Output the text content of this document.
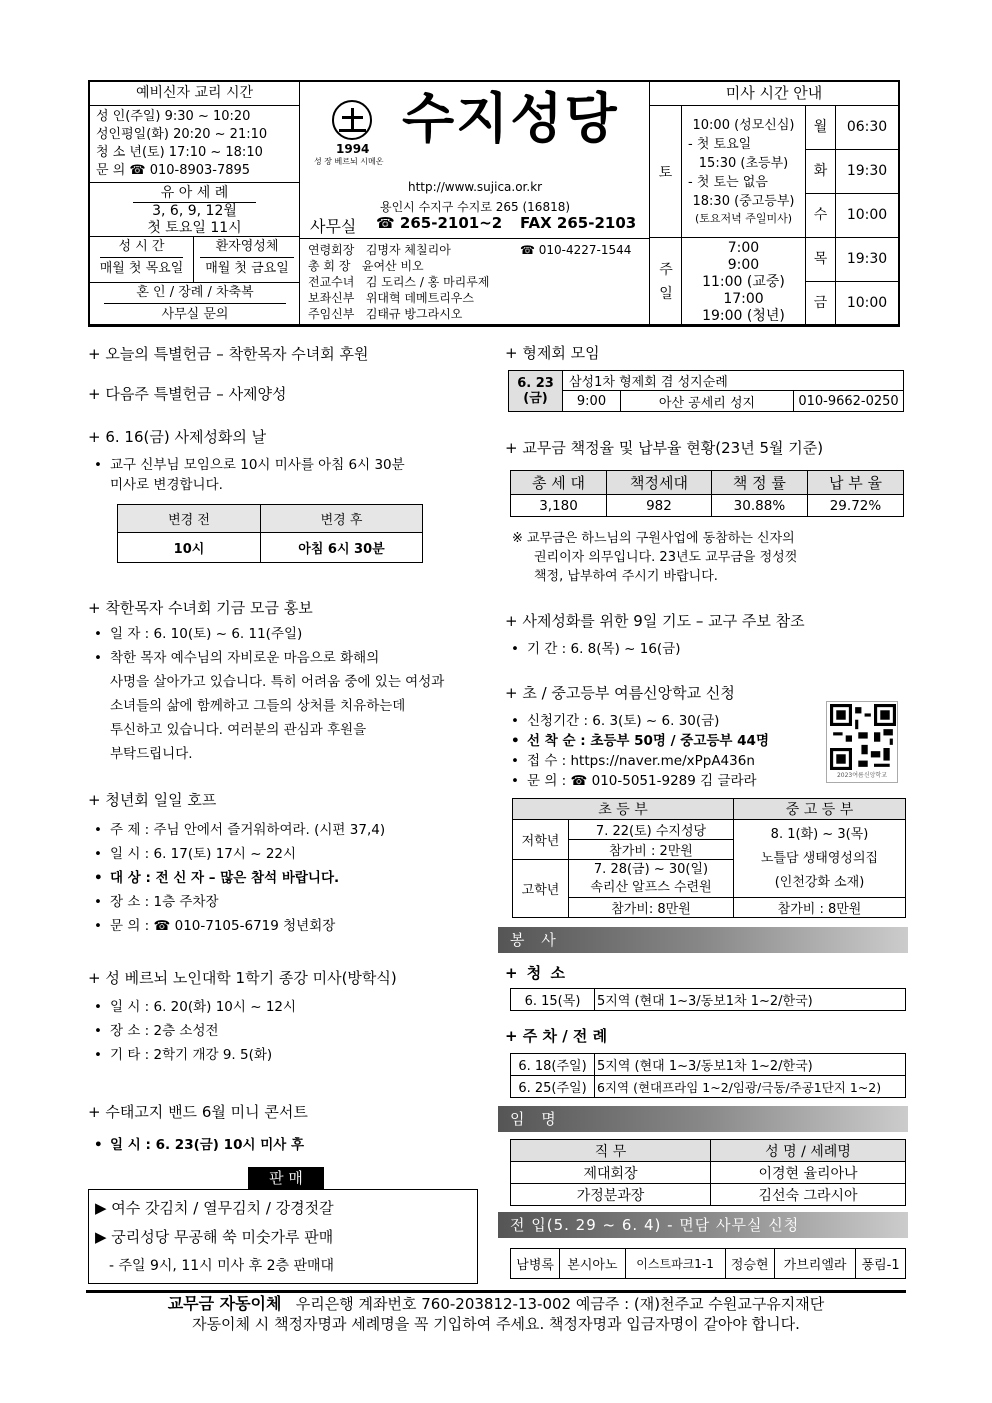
예비신자 교리 시간
성 인(주일) 9:30 ~ 10:20
성인평일(화) 20:20 ~ 21:10
청 소 년(토) 17:10 ~ 18:10
문 의 ☎ 010-8903-7895
유 아 세 례
3, 6, 9, 12월
첫 토요일 11시
성 시 간
매월 첫 목요일
환자영성체
매월 첫 금요일
혼 인 / 장례 / 차축복
사무실 문의
1994
성 장 베르뇌 시메온
수지성당
http://www.sujica.or.kr
용인시 수지구 수지로 265 (16818)
사무실 ☎ 265-2101~2 FAX 265-2103
연령회장 김명자 체칠리아	☎ 010-4227-1544
총 회 장 윤여산 비오
전교수녀 김 도리스 / 홍 마리루제
보좌신부 위대혁 데메트리우스
주임신부 김태규 방그라시오
미사 시간 안내
토
10:00 (성모신심)
- 첫 토요일
15:30 (초등부)
- 첫 토는 없음
18:30 (중고등부)
(토요저녁 주일미사)
주일
7:00
9:00
11:00 (교중)
17:00
19:00 (청년)
월	06:30
화	19:30
수	10:00
목	19:30
금	10:00
+ 오늘의 특별헌금 – 착한목자 수녀회 후원
+ 다음주 특별헌금 – 사제양성
+ 6. 16(금) 사제성화의 날
• 교구 신부님 모임으로 10시 미사를 아침 6시 30분
미사로 변경합니다.
변경 전	변경 후
10시	아침 6시 30분
+ 착한목자 수녀회 기금 모금 홍보
• 일 자 : 6. 10(토) ~ 6. 11(주일)
• 착한 목자 예수님의 자비로운 마음으로 화해의
사명을 살아가고 있습니다. 특히 어려움 중에 있는 여성과
소녀들의 삶에 함께하고 그들의 상처를 치유하는데
투신하고 있습니다. 여러분의 관심과 후원을
부탁드립니다.
+ 청년회 일일 호프
• 주 제 : 주님 안에서 즐거워하여라. (시편 37,4)
• 일 시 : 6. 17(토) 17시 ~ 22시
• 대 상 : 전 신 자 – 많은 참석 바랍니다.
• 장 소 : 1층 주차장
• 문 의 : ☎ 010-7105-6719 청년회장
+ 성 베르뇌 노인대학 1학기 종강 미사(방학식)
• 일 시 : 6. 20(화) 10시 ~ 12시
• 장 소 : 2층 소성전
• 기 타 : 2학기 개강 9. 5(화)
+ 수태고지 밴드 6월 미니 콘서트
• 일 시 : 6. 23(금) 10시 미사 후
판 매
▶ 여수 갓김치 / 열무김치 / 강경젓갈
▶ 궁리성당 무공해 쑥 미숫가루 판매
- 주일 9시, 11시 미사 후 2층 판매대
+ 형제회 모임
6. 23
(금)	삼성1차 형제회 겸 성지순례		
	9:00	아산 공세리 성지	010-9662-0250
+ 교무금 책정율 및 납부율 현황(23년 5월 기준)
총 세 대	책정세대	책 정 률	납 부 율
3,180	982	30.88%	29.72%
※ 교무금은 하느님의 구원사업에 동참하는 신자의
권리이자 의무입니다. 23년도 교무금을 정성껏
책정, 납부하여 주시기 바랍니다.
+ 사제성화를 위한 9일 기도 – 교구 주보 참조
• 기 간 : 6. 8(목) ~ 16(금)
+ 초 / 중고등부 여름신앙학교 신청
• 신청기간 : 6. 3(토) ~ 6. 30(금)
• 선 착 순 : 초등부 50명 / 중고등부 44명
• 접 수 : https://naver.me/xPpA436n
• 문 의 : ☎ 010-5051-9289 김 글라라	2023여름신앙학교
초 등 부		중 고 등 부
저학년	7. 22(토) 수지성당	8. 1(화) ~ 3(목)
노틀담 생태영성의집
(인천강화 소재)

	참가비 : 2만원	
고학년	7. 28(금) ~ 30(일)
속리산 알프스 수련원	

	참가비: 8만원	참가비 : 8만원
봉 사
+ 청 소
6. 15(목)	5지역 (현대 1~3/동보1차 1~2/한국)
+ 주 차 / 전 례
6. 18(주일)	5지역 (현대 1~3/동보1차 1~2/한국)
6. 25(주일)	6지역 (현대프라임 1~2/임광/극동/주공1단지 1~2)
임 명
직 무	성 명 / 세례명
제대회장	이경현 율리아나
가정분과장	김선숙 그라시아
전 입(5. 29 ~ 6. 4) - 면담 사무실 신청
남병록	본시아노	이스트파크1-1	정승현	가브리엘라	풍림-1
교무금 자동이체 우리은행 계좌번호 760-203812-13-002 예금주 : (재)천주교 수원교구유지재단
자동이체 시 책정자명과 세례명을 꼭 기입하여 주세요. 책정자명과 입금자명이 같아야 합니다.
